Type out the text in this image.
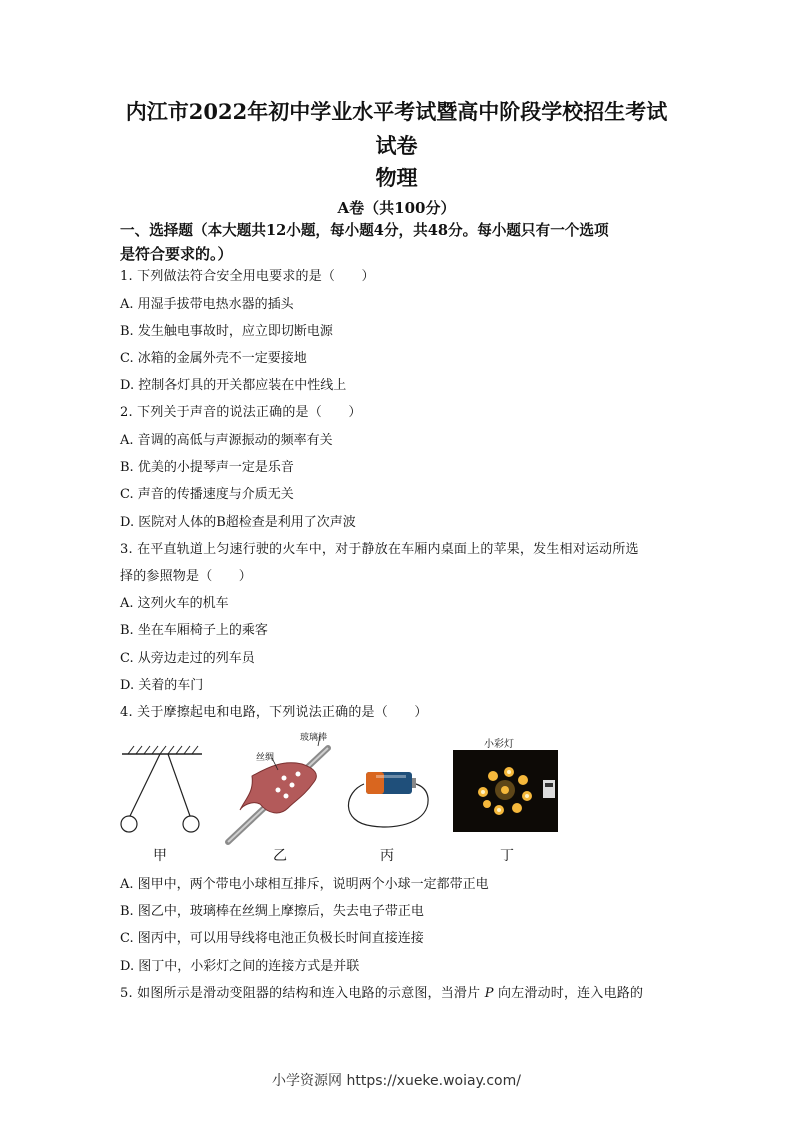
内江市2022年初中学业水平考试暨高中阶段学校招生考试
试卷
物理
A卷（共100分）
一、选择题（本大题共12小题，每小题4分，共48分。每小题只有一个选项
是符合要求的。）
1. 下列做法符合安全用电要求的是（　　）
A. 用湿手拔带电热水器的插头
B. 发生触电事故时，应立即切断电源
C. 冰箱的金属外壳不一定要接地
D. 控制各灯具的开关都应装在中性线上
2. 下列关于声音的说法正确的是（　　）
A. 音调的高低与声源振动的频率有关
B. 优美的小提琴声一定是乐音
C. 声音的传播速度与介质无关
D. 医院对人体的B超检查是利用了次声波
3. 在平直轨道上匀速行驶的火车中，对于静放在车厢内桌面上的苹果，发生相对运动所选
择的参照物是（　　）
A. 这列火车的机车
B. 坐在车厢椅子上的乘客
C. 从旁边走过的列车员
D. 关着的车门
4. 关于摩擦起电和电路，下列说法正确的是（　　）
玻璃棒
丝绸
小彩灯
甲	乙	丙	丁
A. 图甲中，两个带电小球相互排斥，说明两个小球一定都带正电
B. 图乙中，玻璃棒在丝绸上摩擦后，失去电子带正电
C. 图丙中，可以用导线将电池正负极长时间直接连接
D. 图丁中，小彩灯之间的连接方式是并联
5. 如图所示是滑动变阻器的结构和连入电路的示意图，当滑片 P 向左滑动时，连入电路的
小学资源网 https://xueke.woiay.com/
